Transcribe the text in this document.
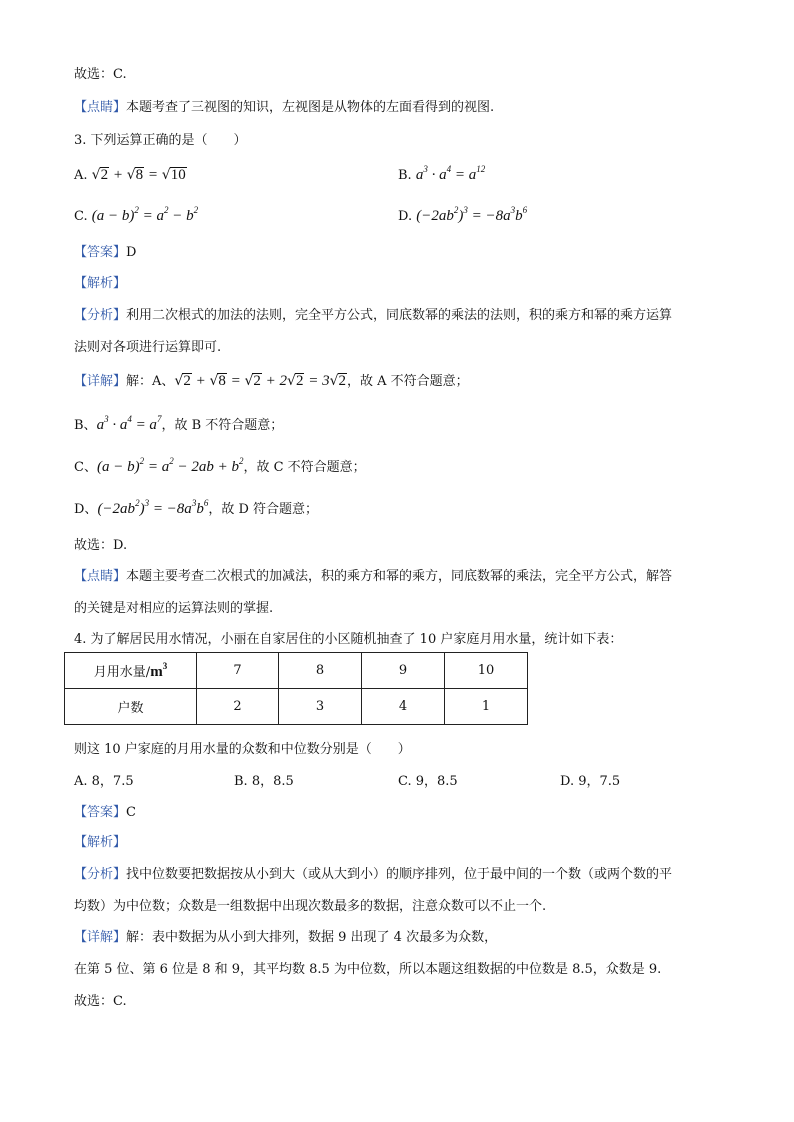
故选：C.
【点睛】本题考查了三视图的知识，左视图是从物体的左面看得到的视图.
3. 下列运算正确的是（　　）
A. √2 + √8 = √10	B. $a^3 \cdot a^4 = a^{12}$
C. $(a - b)^2 = a^2 - b^2$	D. $(-2ab^2)^3 = -8a^3b^6$
【答案】D
【解析】
【分析】利用二次根式的加法的法则，完全平方公式，同底数幂的乘法的法则，积的乘方和幂的乘方运算
法则对各项进行运算即可.
【详解】解：A、√2 + √8 = √2 + 2√2 = 3√2，故 A 不符合题意；
B、$a^3 \cdot a^4 = a^7$，故 B 不符合题意；
C、$(a - b)^2 = a^2 - 2ab + b^2$，故 C 不符合题意；
D、$(-2ab^2)^3 = -8a^3b^6$，故 D 符合题意；
故选：D.
【点睛】本题主要考查二次根式的加减法，积的乘方和幂的乘方，同底数幂的乘法，完全平方公式，解答
的关键是对相应的运算法则的掌握.
4. 为了解居民用水情况，小丽在自家居住的小区随机抽查了 10 户家庭月用水量，统计如下表：
月用水量$/m^3$	7	8	9	10
户数	2	3	4	1
则这 10 户家庭的月用水量的众数和中位数分别是（　　）
A. 8，7.5	B. 8，8.5	C. 9，8.5	D. 9，7.5
【答案】C
【解析】
【分析】找中位数要把数据按从小到大（或从大到小）的顺序排列，位于最中间的一个数（或两个数的平
均数）为中位数；众数是一组数据中出现次数最多的数据，注意众数可以不止一个.
【详解】解：表中数据为从小到大排列，数据 9 出现了 4 次最多为众数，
在第 5 位、第 6 位是 8 和 9，其平均数 8.5 为中位数，所以本题这组数据的中位数是 8.5，众数是 9.
故选：C.
